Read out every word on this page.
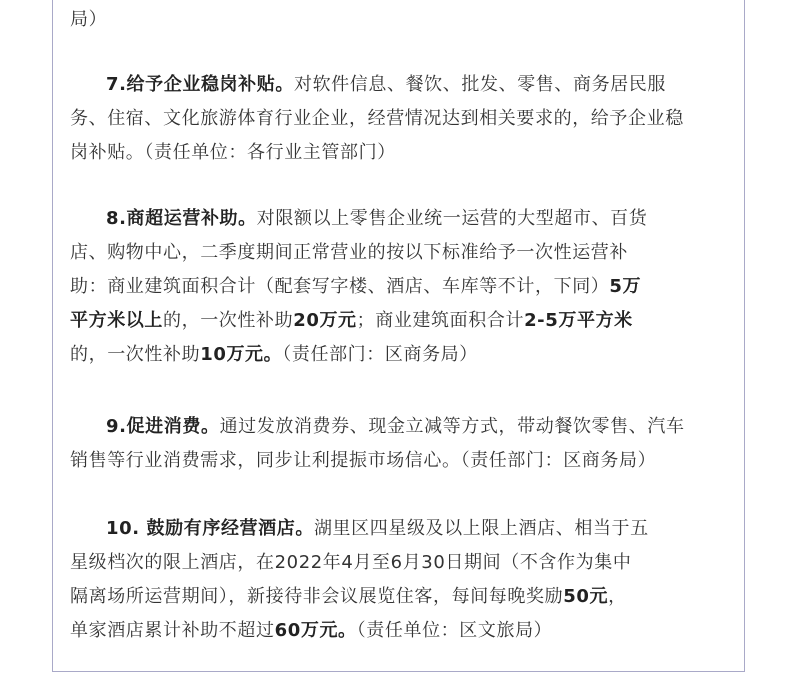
局）

7.给予企业稳岗补贴。对软件信息、餐饮、批发、零售、商务居民服
务、住宿、文化旅游体育行业企业，经营情况达到相关要求的，给予企业稳
岗补贴。（责任单位：各行业主管部门）
8.商超运营补助。对限额以上零售企业统一运营的大型超市、百货
店、购物中心，二季度期间正常营业的按以下标准给予一次性运营补
助：商业建筑面积合计（配套写字楼、酒店、车库等不计，下同）5万
平方米以上的，一次性补助20万元；商业建筑面积合计2-5万平方米
的，一次性补助10万元。（责任部门：区商务局）
9.促进消费。通过发放消费券、现金立减等方式，带动餐饮零售、汽车
销售等行业消费需求，同步让利提振市场信心。（责任部门：区商务局）
10. 鼓励有序经营酒店。湖里区四星级及以上限上酒店、相当于五
星级档次的限上酒店，在2022年4月至6月30日期间（不含作为集中
隔离场所运营期间），新接待非会议展览住客，每间每晚奖励50元，
单家酒店累计补助不超过60万元。（责任单位：区文旅局）
